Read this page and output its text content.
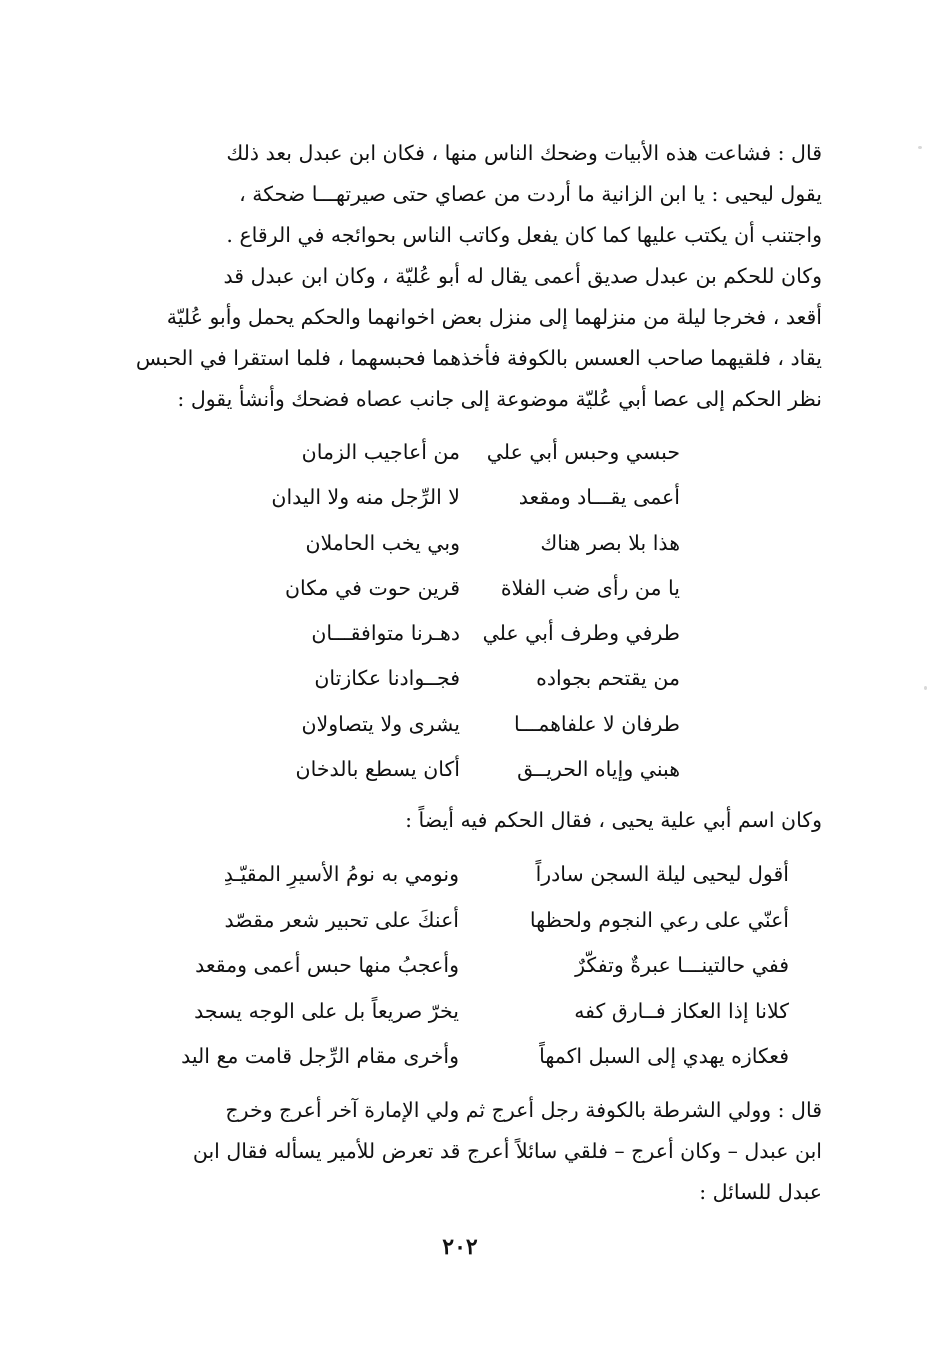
قال : فشاعت هذه الأبيات وضحك الناس منها ، فكان ابن عبدل بعد ذلك
يقول ليحيى : يا ابن الزانية ما أردت من عصاي حتى صيرتهـــا ضحكة ،
واجتنب أن يكتب عليها كما كان يفعل وكاتب الناس بحوائجه في الرقاع .
وكان للحكم بن عبدل صديق أعمى يقال له أبو عُليّة ، وكان ابن عبدل قد
أقعد ، فخرجا ليلة من منزلهما إلى منزل بعض اخوانهما والحكم يحمل وأبو عُليّة
يقاد ، فلقيهما صاحب العسس بالكوفة فأخذهما فحبسهما ، فلما استقرا في الحبس
نظر الحكم إلى عصا أبي عُليّة موضوعة إلى جانب عصاه فضحك وأنشأ يقول :
حبسي وحبس أبي عليمن أعاجيب الزمان
أعمى يقـــاد ومقعدلا الرِّجل منه ولا اليدان
هذا بلا بصر هناكوبي يخب الحاملان
يا من رأى ضب الفلاةقرين حوت في مكان
طرفي وطرف أبي عليدهـرنا متوافقـــان
من يقتحم بجوادهفجــوادنا عكازتان
طرفان لا علفاهمـــايشرى ولا يتصاولان
هبني وإياه الحريــقأكان يسطع بالدخان
وكان اسم أبي علية يحيى ، فقال الحكم فيه أيضاً :
أقول ليحيى ليلة السجن سادراًونومي به نومُ الأسيرِ المقيّـدِ
أعنّي على رعي النجوم ولحظهاأعنكَ على تحبير شعر مقصّد
ففي حالتينـــا عبرةٌ وتفكّرٌوأعجبُ منها حبس أعمى ومقعد
كلانا إذا العكاز فــارق كفهيخرّ صريعاً بل على الوجه يسجد
فعكازه يهدي إلى السبل اكمهاًوأخرى مقام الرِّجل قامت مع اليد
قال : وولي الشرطة بالكوفة رجل أعرج ثم ولي الإمارة آخر أعرج وخرج
ابن عبدل – وكان أعرج – فلقي سائلاً أعرج قد تعرض للأمير يسأله فقال ابن
عبدل للسائل :
٢٠٢
